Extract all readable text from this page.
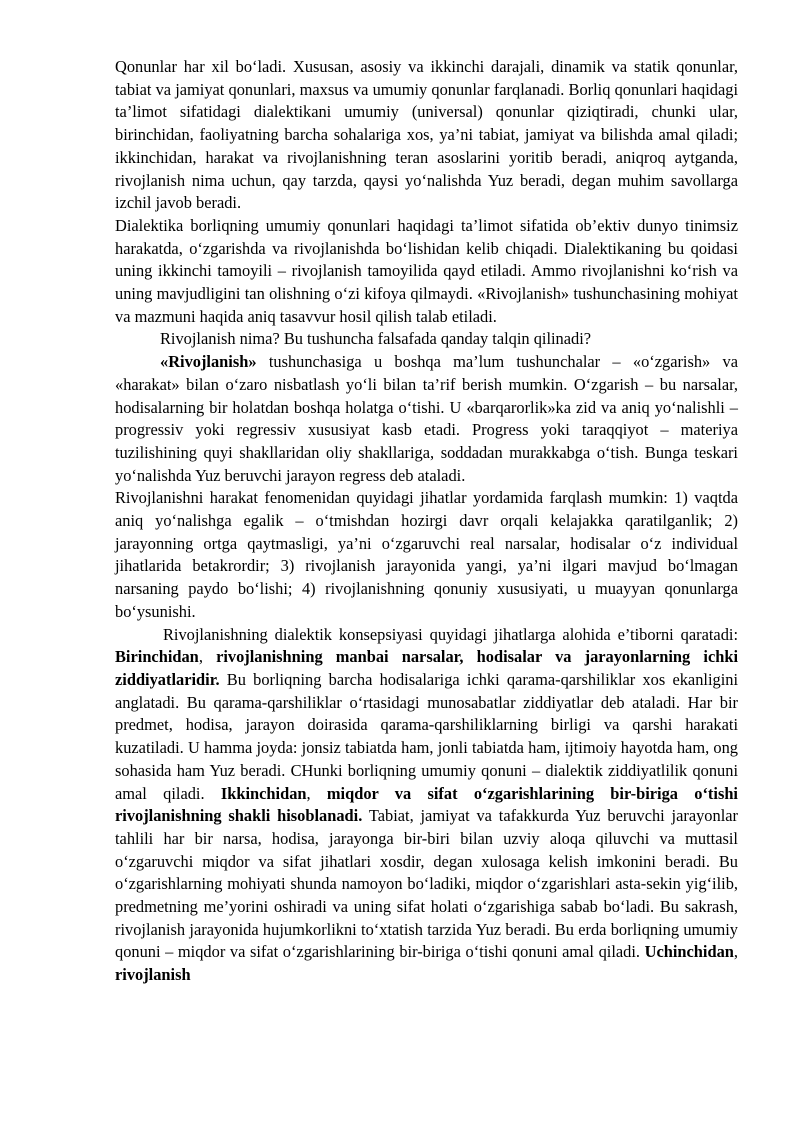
Qonunlar har xil bo‘ladi. Xususan, asosiy va ikkinchi darajali, dinamik va statik qonunlar, tabiat va jamiyat qonunlari, maxsus va umumiy qonunlar farqlanadi. Borliq qonunlari haqidagi ta’limot sifatidagi dialektikani umumiy (universal) qonunlar qiziqtiradi, chunki ular, birinchidan, faoliyatning barcha sohalariga xos, ya’ni tabiat, jamiyat va bilishda amal qiladi; ikkinchidan, harakat va rivojlanishning teran asoslarini yoritib beradi, aniqroq aytganda, rivojlanish nima uchun, qay tarzda, qaysi yo‘nalishda Yuz beradi, degan muhim savollarga izchil javob beradi.

Dialektika borliqning umumiy qonunlari haqidagi ta’limot sifatida ob’ektiv dunyo tinimsiz harakatda, o‘zgarishda va rivojlanishda bo‘lishidan kelib chiqadi. Dialektikaning bu qoidasi uning ikkinchi tamoyili – rivojlanish tamoyilida qayd etiladi. Ammo rivojlanishni ko‘rish va uning mavjudligini tan olishning o‘zi kifoya qilmaydi. «Rivojlanish» tushunchasining mohiyat va mazmuni haqida aniq tasavvur hosil qilish talab etiladi.

Rivojlanish nima? Bu tushuncha falsafada qanday talqin qilinadi?

«Rivojlanish» tushunchasiga u boshqa ma’lum tushunchalar – «o‘zgarish» va «harakat» bilan o‘zaro nisbatlash yo‘li bilan ta’rif berish mumkin. O‘zgarish – bu narsalar, hodisalarning bir holatdan boshqa holatga o‘tishi. U «barqarorlik»ka zid va aniq yo‘nalishli – progressiv yoki regressiv xususiyat kasb etadi. Progress yoki taraqqiyot – materiya tuzilishining quyi shakllaridan oliy shakllariga, soddadan murakkabga o‘tish. Bunga teskari yo‘nalishda Yuz beruvchi jarayon regress deb ataladi.

Rivojlanishni harakat fenomenidan quyidagi jihatlar yordamida farqlash mumkin: 1) vaqtda aniq yo‘nalishga egalik – o‘tmishdan hozirgi davr orqali kelajakka qaratilganlik; 2) jarayonning ortga qaytmasligi, ya’ni o‘zgaruvchi real narsalar, hodisalar o‘z individual jihatlarida betakrordir; 3) rivojlanish jarayonida yangi, ya’ni ilgari mavjud bo‘lmagan narsaning paydo bo‘lishi; 4) rivojlanishning qonuniy xususiyati, u muayyan qonunlarga bo‘ysunishi.

Rivojlanishning dialektik konsepsiyasi quyidagi jihatlarga alohida e’tiborni qaratadi: Birinchidan, rivojlanishning manbai narsalar, hodisalar va jarayonlarning ichki ziddiyatlaridir. Bu borliqning barcha hodisalariga ichki qarama-qarshiliklar xos ekanligini anglatadi. Bu qarama-qarshiliklar o‘rtasidagi munosabatlar ziddiyatlar deb ataladi. Har bir predmet, hodisa, jarayon doirasida qarama-qarshiliklarning birligi va qarshi harakati kuzatiladi. U hamma joyda: jonsiz tabiatda ham, jonli tabiatda ham, ijtimoiy hayotda ham, ong sohasida ham Yuz beradi. CHunki borliqning umumiy qonuni – dialektik ziddiyatlilik qonuni amal qiladi. Ikkinchidan, miqdor va sifat o‘zgarishlarining bir-biriga o‘tishi rivojlanishning shakli hisoblanadi. Tabiat, jamiyat va tafakkurda Yuz beruvchi jarayonlar tahlili har bir narsa, hodisa, jarayonga bir-biri bilan uzviy aloqa qiluvchi va muttasil o‘zgaruvchi miqdor va sifat jihatlari xosdir, degan xulosaga kelish imkonini beradi. Bu o‘zgarishlarning mohiyati shunda namoyon bo‘ladiki, miqdor o‘zgarishlari asta-sekin yig‘ilib, predmetning me’yorini oshiradi va uning sifat holati o‘zgarishiga sabab bo‘ladi. Bu sakrash, rivojlanish jarayonida hujumkorlikni to‘xtatish tarzida Yuz beradi. Bu erda borliqning umumiy qonuni – miqdor va sifat o‘zgarishlarining bir-biriga o‘tishi qonuni amal qiladi. Uchinchidan, rivojlanish
